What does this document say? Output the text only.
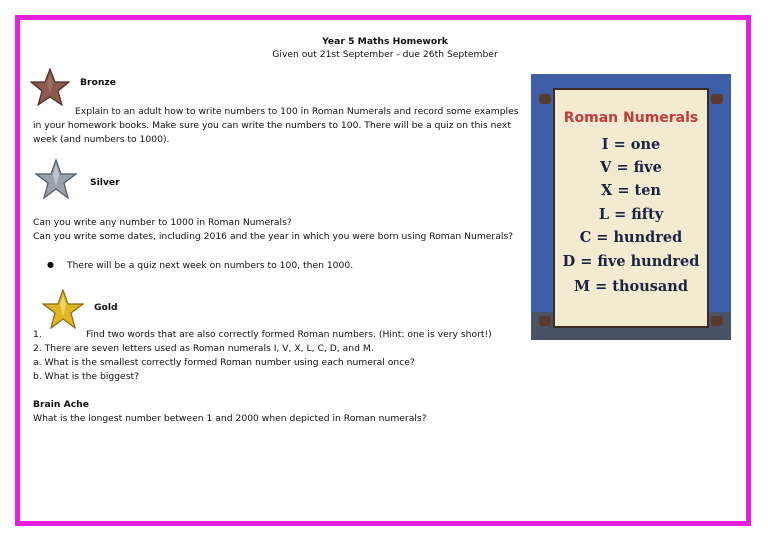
Year 5 Maths Homework
Given out 21st September - due 26th September
Bronze
Explain to an adult how to write numbers to 100 in Roman Numerals and record some examples
in your homework books. Make sure you can write the numbers to 100. There will be a quiz on this next
week (and numbers to 1000).
Silver
Can you write any number to 1000 in Roman Numerals?
Can you write some dates, including 2016 and the year in which you were born using Roman Numerals?
● There will be a quiz next week on numbers to 100, then 1000.
Gold
1.	Find two words that are also correctly formed Roman numbers. (Hint: one is very short!)
2. There are seven letters used as Roman numerals I, V, X, L, C, D, and M.
a. What is the smallest correctly formed Roman number using each numeral once?
b. What is the biggest?
Brain Ache
What is the longest number between 1 and 2000 when depicted in Roman numerals?
Roman Numerals
I = one
V = five
X = ten
L = fifty
C = hundred
D = five hundred
M = thousand
